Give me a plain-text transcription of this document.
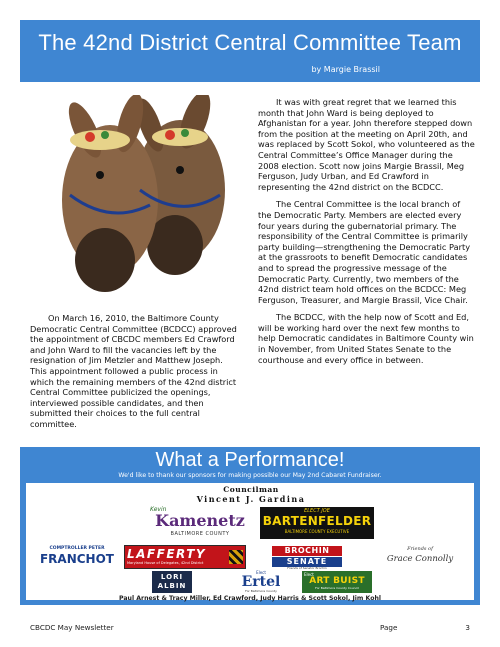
The 42nd District Central Committee Team
by Margie Brassil

On March 16, 2010, the Baltimore County Democratic Central Committee (BCDCC) approved the appointment of CBCDC members Ed Crawford and John Ward to fill the vacancies left by the resignation of Jim Metzler and Matthew Joseph. This appointment followed a public process in which the remaining members of the 42nd district Central Committee publicized the openings, interviewed possible candidates, and then submitted their choices to the full central committee.

It was with great regret that we learned this month that John Ward is being deployed to Afghanistan for a year. John therefore stepped down from the position at the meeting on April 20th, and was replaced by Scott Sokol, who volunteered as the Central Committee’s Office Manager during the 2008 election. Scott now joins Margie Brassil, Meg Ferguson, Judy Urban, and Ed Crawford in representing the 42nd district on the BCDCC.

The Central Committee is the local branch of the Democratic Party. Members are elected every four years during the gubernatorial primary. The responsibility of the Central Committee is primarily party building—strengthening the Democratic Party at the grassroots to benefit Democratic candidates and to spread the progressive message of the Democratic Party. Currently, two members of the 42nd district team hold offices on the BCDCC: Meg Ferguson, Treasurer, and Margie Brassil, Vice Chair.

The BCDCC, with the help now of Scott and Ed, will be working hard over the next few months to help Democratic candidates in Baltimore County win in November, from United States Senate to the courthouse and every office in between.

What a Performance!
We'd like to thank our sponsors for making possible our May 2nd Cabaret Fundraiser.
Councilman
Vincent J. Gardina
Kevin
Kamenetz
BALTIMORE COUNTY
ELECT JOE
BARTENFELDER
BALTIMORE COUNTY EXECUTIVE
COMPTROLLER PETER
FRANCHOT	LAFFERTY
Maryland House of Delegates, 42nd District
BROCHIN
SENATE
Friends of Senator Brochin
Friends of
Grace Connolly
LORI
ALBIN
Elect
Ertel
For Baltimore County
Elect
ART BUIST
For Baltimore County Council
Paul Arnest & Tracy Miller, Ed Crawford, Judy Harris & Scott Sokol, Jim Kohl
CBCDC May Newsletter	Page	3
